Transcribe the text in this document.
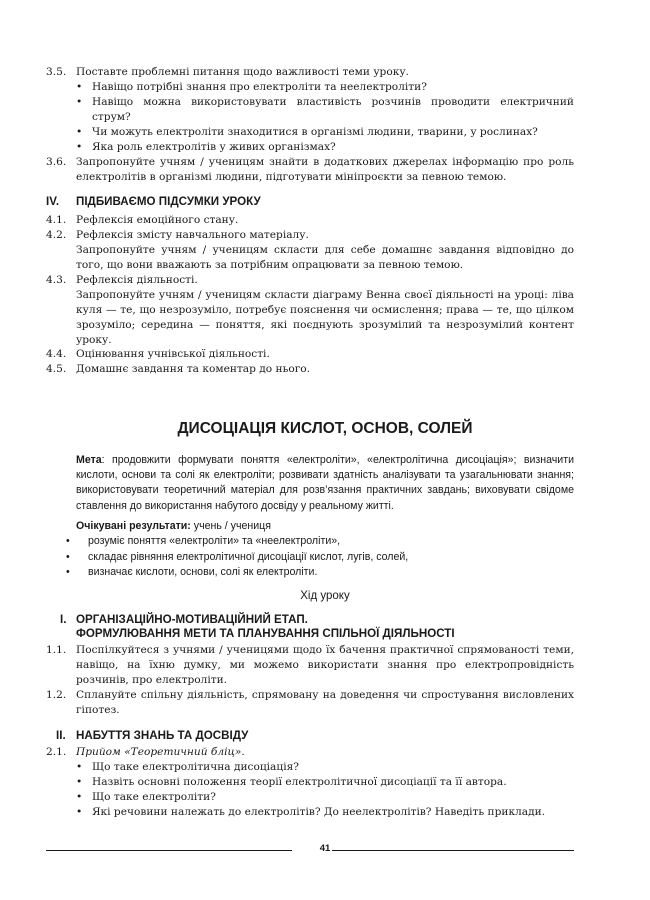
3.5. Поставте проблемні питання щодо важливості теми уроку.
• Навіщо потрібні знання про електроліти та неелектроліти?
• Навіщо можна використовувати властивість розчинів проводити електричний струм?
• Чи можуть електроліти знаходитися в організмі людини, тварини, у рослинах?
• Яка роль електролітів у живих організмах?
3.6. Запропонуйте учням / ученицям знайти в додаткових джерелах інформацію про роль електролітів в організмі людини, підготувати мініпроєкти за певною темою.
IV. ПІДБИВАЄМО ПІДСУМКИ УРОКУ
4.1. Рефлексія емоційного стану.
4.2. Рефлексія змісту навчального матеріалу.
Запропонуйте учням / ученицям скласти для себе домашнє завдання відповідно до того, що вони вважають за потрібним опрацювати за певною темою.
4.3. Рефлексія діяльності.
Запропонуйте учням / ученицям скласти діаграму Венна своєї діяльності на уроці: ліва куля — те, що незрозуміло, потребує пояснення чи осмислення; права — те, що цілком зрозуміло; середина — поняття, які поєднують зрозумілий та незрозумілий контент уроку.
4.4. Оцінювання учнівської діяльності.
4.5. Домашнє завдання та коментар до нього.
ДИСОЦІАЦІЯ КИСЛОТ, ОСНОВ, СОЛЕЙ
Мета: продовжити формувати поняття «електроліти», «електролітична дисоціація»; визначити кислоти, основи та солі як електроліти; розвивати здатність аналізувати та узагальнювати знання; використовувати теоретичний матеріал для розв’язання практичних завдань; виховувати свідоме ставлення до використання набутого досвіду у реальному житті.
Очікувані результати: учень / учениця
• розуміє поняття «електроліти» та «неелектроліти»,
• складає рівняння електролітичної дисоціації кислот, лугів, солей,
• визначає кислоти, основи, солі як електроліти.
Хід уроку
I. ОРГАНІЗАЦІЙНО-МОТИВАЦІЙНИЙ ЕТАП.
ФОРМУЛЮВАННЯ МЕТИ ТА ПЛАНУВАННЯ СПІЛЬНОЇ ДІЯЛЬНОСТІ
1.1. Поспілкуйтеся з учнями / ученицями щодо їх бачення практичної спрямованості теми, навіщо, на їхню думку, ми можемо використати знання про електропровідність розчинів, про електроліти.
1.2. Сплануйте спільну діяльність, спрямовану на доведення чи спростування висловлених гіпотез.
II. НАБУТТЯ ЗНАНЬ ТА ДОСВІДУ
2.1. Прийом «Теоретичний бліц».
• Що таке електролітична дисоціація?
• Назвіть основні положення теорії електролітичної дисоціації та її автора.
• Що таке електроліти?
• Які речовини належать до електролітів? До неелектролітів? Наведіть приклади.
41
